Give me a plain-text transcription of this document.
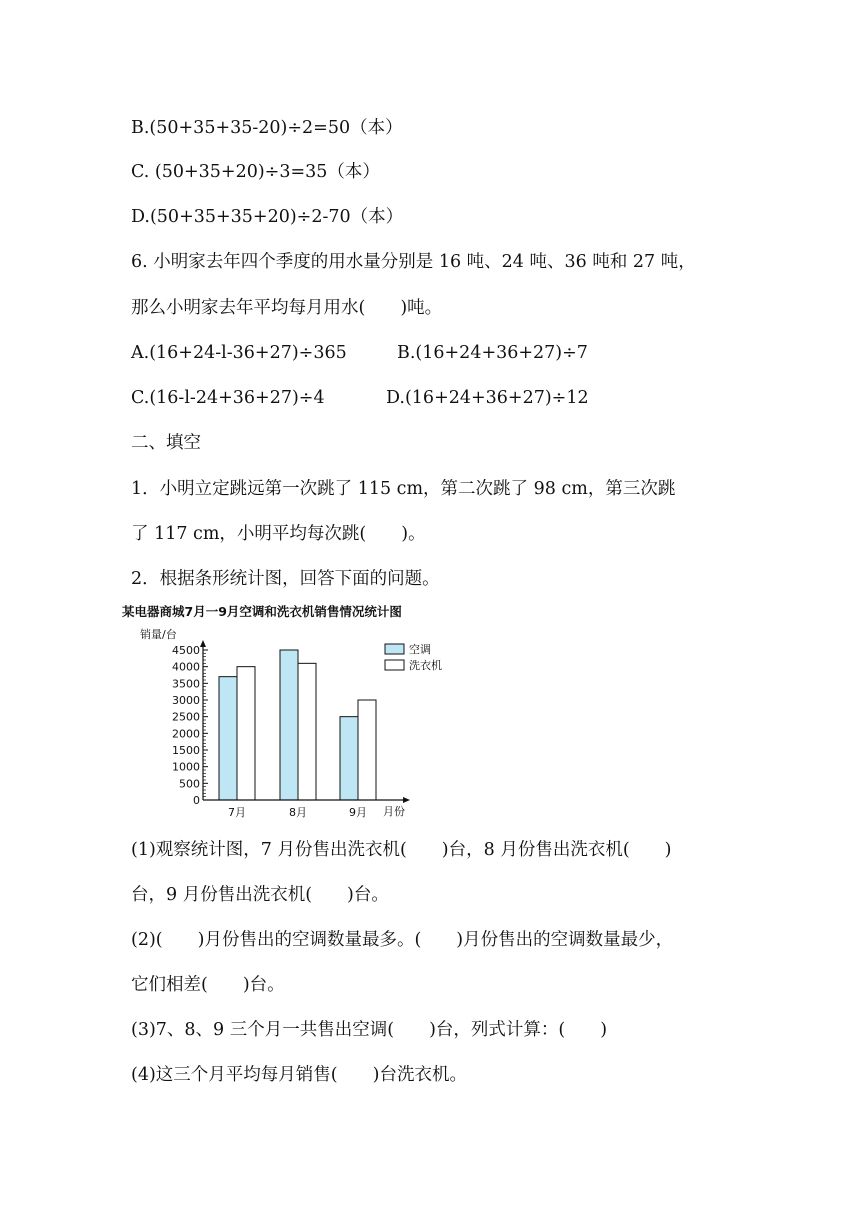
B.(50+35+35-20)÷2=50（本）
C. (50+35+20)÷3=35（本）
D.(50+35+35+20)÷2-70（本）
6. 小明家去年四个季度的用水量分别是 16 吨、24 吨、36 吨和 27 吨，
那么小明家去年平均每月用水(　　)吨。
A.(16+24-l-36+27)÷365	B.(16+24+36+27)÷7
C.(16-l-24+36+27)÷4	D.(16+24+36+27)÷12
二、填空
1．小明立定跳远第一次跳了 115 cm，第二次跳了 98 cm，第三次跳
了 117 cm，小明平均每次跳(　　)。
2．根据条形统计图，回答下面的问题。
某电器商城7月一9月空调和洗衣机销售情况统计图
销量/台
0
500
1000
1500
2000
2500
3000
3500
4000
4500
7月	8月	9月 月份
空调
洗衣机
(1)观察统计图，7 月份售出洗衣机(　　)台，8 月份售出洗衣机(　　)
台，9 月份售出洗衣机(　　)台。
(2)(　　)月份售出的空调数量最多。(　　)月份售出的空调数量最少，
它们相差(　　)台。
(3)7、8、9 三个月一共售出空调(　　)台，列式计算：(　　)
(4)这三个月平均每月销售(　　)台洗衣机。
